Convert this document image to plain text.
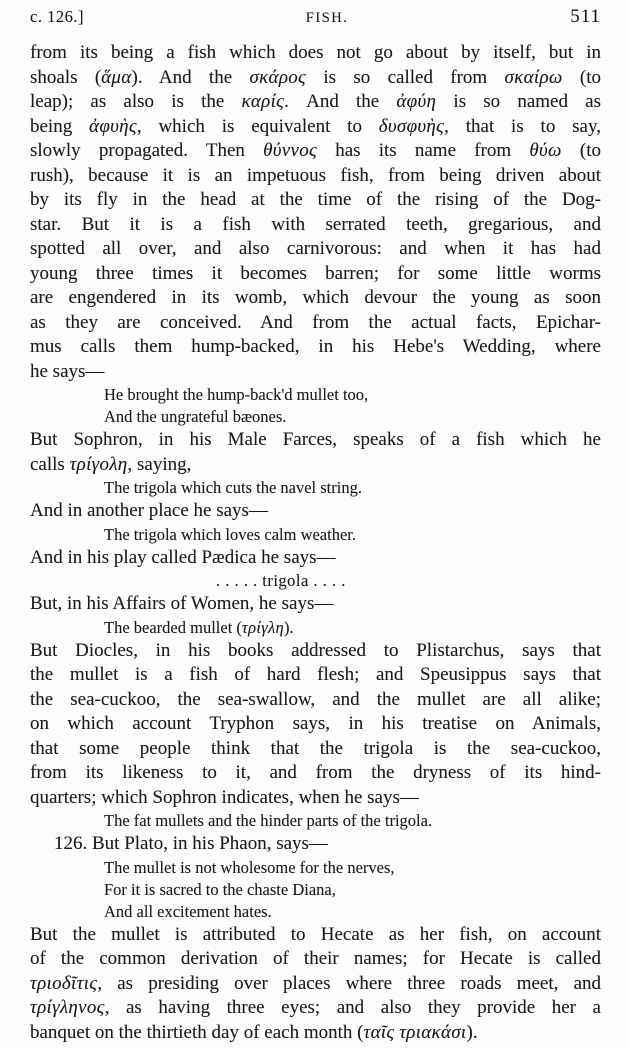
c. 126.]	FISH.	511
from its being a fish which does not go about by itself, but in
shoals (ἅμα). And the σκάρος is so called from σκαίρω (to
leap); as also is the καρίς. And the ἀφύη is so named as
being ἀφυὴς, which is equivalent to δυσφυὴς, that is to say,
slowly propagated. Then θύννος has its name from θύω (to
rush), because it is an impetuous fish, from being driven about
by its fly in the head at the time of the rising of the Dog-
star. But it is a fish with serrated teeth, gregarious, and
spotted all over, and also carnivorous: and when it has had
young three times it becomes barren; for some little worms
are engendered in its womb, which devour the young as soon
as they are conceived. And from the actual facts, Epichar-
mus calls them hump-backed, in his Hebe's Wedding, where
he says—
He brought the hump-back'd mullet too,
And the ungrateful bæones.
But Sophron, in his Male Farces, speaks of a fish which he
calls τρίγολη, saying,
The trigola which cuts the navel string.
And in another place he says—
The trigola which loves calm weather.
And in his play called Pædica he says—
. . . . . trigola . . . .
But, in his Affairs of Women, he says—
The bearded mullet (τρίγλη).
But Diocles, in his books addressed to Plistarchus, says that
the mullet is a fish of hard flesh; and Speusippus says that
the sea-cuckoo, the sea-swallow, and the mullet are all alike;
on which account Tryphon says, in his treatise on Animals,
that some people think that the trigola is the sea-cuckoo,
from its likeness to it, and from the dryness of its hind-
quarters; which Sophron indicates, when he says—
The fat mullets and the hinder parts of the trigola.
126. But Plato, in his Phaon, says—
The mullet is not wholesome for the nerves,
For it is sacred to the chaste Diana,
And all excitement hates.
But the mullet is attributed to Hecate as her fish, on account
of the common derivation of their names; for Hecate is called
τριοδῖτις, as presiding over places where three roads meet, and
τρίγληνος, as having three eyes; and also they provide her a
banquet on the thirtieth day of each month (ταῖς τριακάσι).
